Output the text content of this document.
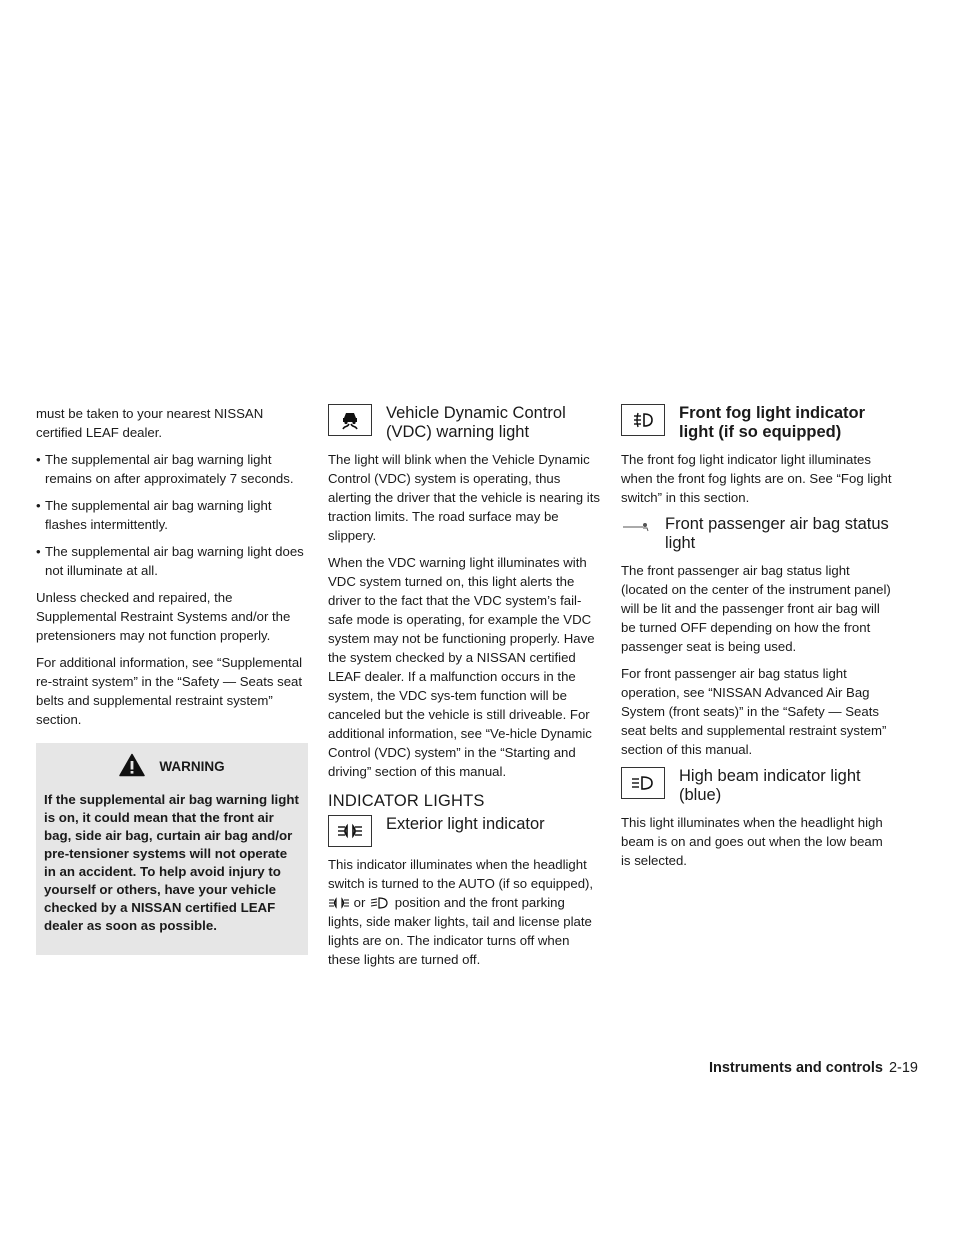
must be taken to your nearest NISSAN certified LEAF dealer.

• The supplemental air bag warning light remains on after approximately 7 seconds.
• The supplemental air bag warning light flashes intermittently.
• The supplemental air bag warning light does not illuminate at all.

Unless checked and repaired, the Supplemental Restraint Systems and/or the pretensioners may not function properly.

For additional information, see “Supplemental re-straint system” in the “Safety — Seats seat belts and supplemental restraint system” section.

WARNING

If the supplemental air bag warning light is on, it could mean that the front air bag, side air bag, curtain air bag and/or pre-tensioner systems will not operate in an accident. To help avoid injury to yourself or others, have your vehicle checked by a NISSAN certified LEAF dealer as soon as possible.

Vehicle Dynamic Control (VDC) warning light

The light will blink when the Vehicle Dynamic Control (VDC) system is operating, thus alerting the driver that the vehicle is nearing its traction limits. The road surface may be slippery.

When the VDC warning light illuminates with VDC system turned on, this light alerts the driver to the fact that the VDC system’s fail-safe mode is operating, for example the VDC system may not be functioning properly. Have the system checked by a NISSAN certified LEAF dealer. If a malfunction occurs in the system, the VDC sys-tem function will be canceled but the vehicle is still driveable. For additional information, see “Ve-hicle Dynamic Control (VDC) system” in the “Starting and driving” section of this manual.

INDICATOR LIGHTS
Exterior light indicator

This indicator illuminates when the headlight switch is turned to the AUTO (if so equipped),
or position and the front parking lights, side maker lights, tail and license plate lights are on. The indicator turns off when these lights are turned off.

Front fog light indicator light (if so equipped)

The front fog light indicator light illuminates when the front fog lights are on. See “Fog light switch” in this section.

Front passenger air bag status light

The front passenger air bag status light (located on the center of the instrument panel) will be lit and the passenger front air bag will be turned OFF depending on how the front passenger seat is being used.

For front passenger air bag status light operation, see “NISSAN Advanced Air Bag System (front seats)” in the “Safety — Seats seat belts and supplemental restraint system” section of this manual.

High beam indicator light (blue)

This light illuminates when the headlight high beam is on and goes out when the low beam is selected.

Instruments and controls 2-19
